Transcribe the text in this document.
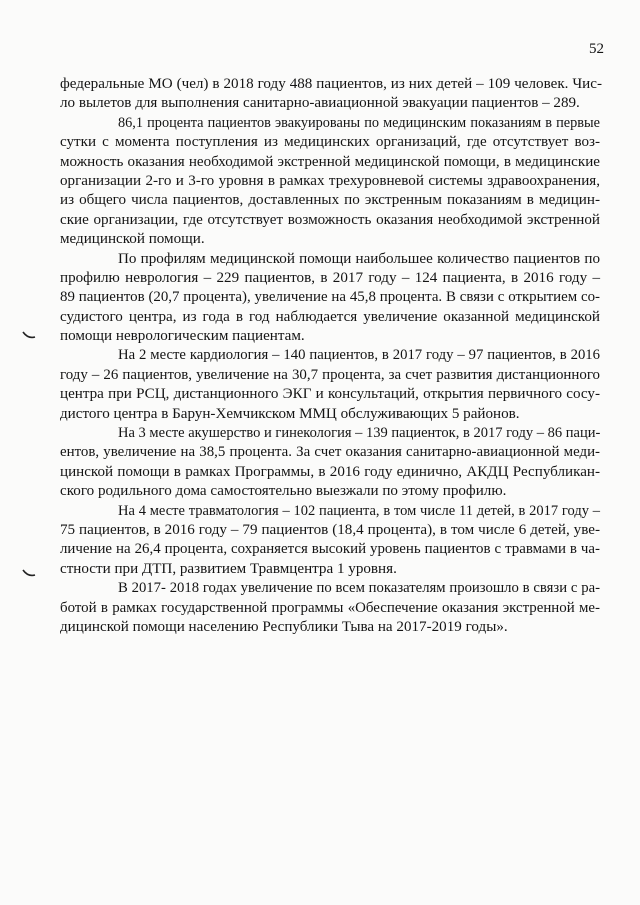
52
федеральные МО (чел) в 2018 году 488 пациентов, из них детей – 109 человек. Чис-
ло вылетов для выполнения санитарно-авиационной эвакуации пациентов – 289.
86,1 процента пациентов эвакуированы по медицинским показаниям в первые
сутки с момента поступления из медицинских организаций, где отсутствует воз-
можность оказания необходимой экстренной медицинской помощи, в медицинские
организации 2-го и 3-го уровня в рамках трехуровневой системы здравоохранения,
из общего числа пациентов, доставленных по экстренным показаниям в медицин-
ские организации, где отсутствует возможность оказания необходимой экстренной
медицинской помощи.
По профилям медицинской помощи наибольшее количество пациентов по
профилю неврология – 229 пациентов, в 2017 году – 124 пациента, в 2016 году –
89 пациентов (20,7 процента), увеличение на 45,8 процента. В связи с открытием со-
судистого центра, из года в год наблюдается увеличение оказанной медицинской
помощи неврологическим пациентам.
На 2 месте кардиология – 140 пациентов, в 2017 году – 97 пациентов, в 2016
году – 26 пациентов, увеличение на 30,7 процента, за счет развития дистанционного
центра при РСЦ, дистанционного ЭКГ и консультаций, открытия первичного сосу-
дистого центра в Барун-Хемчикском ММЦ обслуживающих 5 районов.
На 3 месте акушерство и гинекология – 139 пациенток, в 2017 году – 86 паци-
ентов, увеличение на 38,5 процента. За счет оказания санитарно-авиационной меди-
цинской помощи в рамках Программы, в 2016 году единично, АКДЦ Республикан-
ского родильного дома самостоятельно выезжали по этому профилю.
На 4 месте травматология – 102 пациента, в том числе 11 детей, в 2017 году –
75 пациентов, в 2016 году – 79 пациентов (18,4 процента), в том числе 6 детей, уве-
личение на 26,4 процента, сохраняется высокий уровень пациентов с травмами в ча-
стности при ДТП, развитием Травмцентра 1 уровня.
В 2017- 2018 годах увеличение по всем показателям произошло в связи с ра-
ботой в рамках государственной программы «Обеспечение оказания экстренной ме-
дицинской помощи населению Республики Тыва на 2017-2019 годы».
